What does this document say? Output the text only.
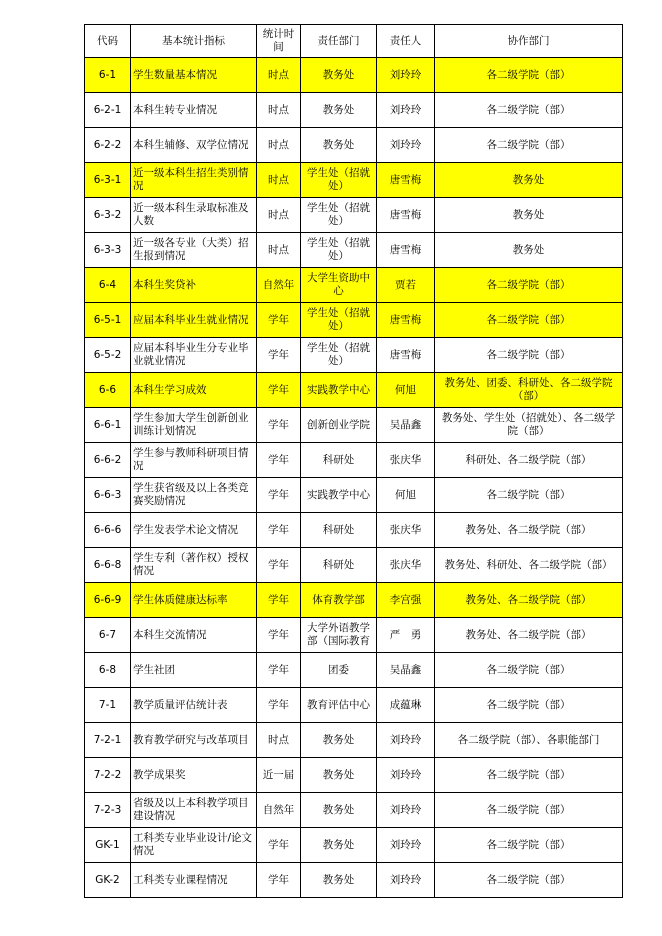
代码	基本统计指标	统计时间	责任部门	责任人	协作部门
6-1	学生数量基本情况	时点	教务处	刘玲玲	各二级学院（部）
6-2-1	本科生转专业情况	时点	教务处	刘玲玲	各二级学院（部）
6-2-2	本科生辅修、双学位情况	时点	教务处	刘玲玲	各二级学院（部）
6-3-1	近一级本科生招生类别情况	时点	学生处（招就处）	唐雪梅	教务处
6-3-2	近一级本科生录取标准及人数	时点	学生处（招就处）	唐雪梅	教务处
6-3-3	近一级各专业（大类）招生报到情况	时点	学生处（招就处）	唐雪梅	教务处
6-4	本科生奖贷补	自然年	大学生资助中心	贾若	各二级学院（部）
6-5-1	应届本科毕业生就业情况	学年	学生处（招就处）	唐雪梅	各二级学院（部）
6-5-2	应届本科毕业生分专业毕业就业情况	学年	学生处（招就处）	唐雪梅	各二级学院（部）
6-6	本科生学习成效	学年	实践教学中心	何旭	教务处、团委、科研处、各二级学院（部）
6-6-1	学生参加大学生创新创业训练计划情况	学年	创新创业学院	吴晶鑫	教务处、学生处（招就处）、各二级学院（部）
6-6-2	学生参与教师科研项目情况	学年	科研处	张庆华	科研处、各二级学院（部）
6-6-3	学生获省级及以上各类竞赛奖励情况	学年	实践教学中心	何旭	各二级学院（部）
6-6-6	学生发表学术论文情况	学年	科研处	张庆华	教务处、各二级学院（部）
6-6-8	学生专利（著作权）授权情况	学年	科研处	张庆华	教务处、科研处、各二级学院（部）
6-6-9	学生体质健康达标率	学年	体育教学部	李宫强	教务处、各二级学院（部）
6-7	本科生交流情况	学年	大学外语教学部（国际教育	严　勇	教务处、各二级学院（部）
6-8	学生社团	学年	团委	吴晶鑫	各二级学院（部）
7-1	教学质量评估统计表	学年	教育评估中心	成蕴琳	各二级学院（部）
7-2-1	教育教学研究与改革项目	时点	教务处	刘玲玲	各二级学院（部）、各职能部门
7-2-2	教学成果奖	近一届	教务处	刘玲玲	各二级学院（部）
7-2-3	省级及以上本科教学项目建设情况	自然年	教务处	刘玲玲	各二级学院（部）
GK-1	工科类专业毕业设计/论文情况	学年	教务处	刘玲玲	各二级学院（部）
GK-2	工科类专业课程情况	学年	教务处	刘玲玲	各二级学院（部）
